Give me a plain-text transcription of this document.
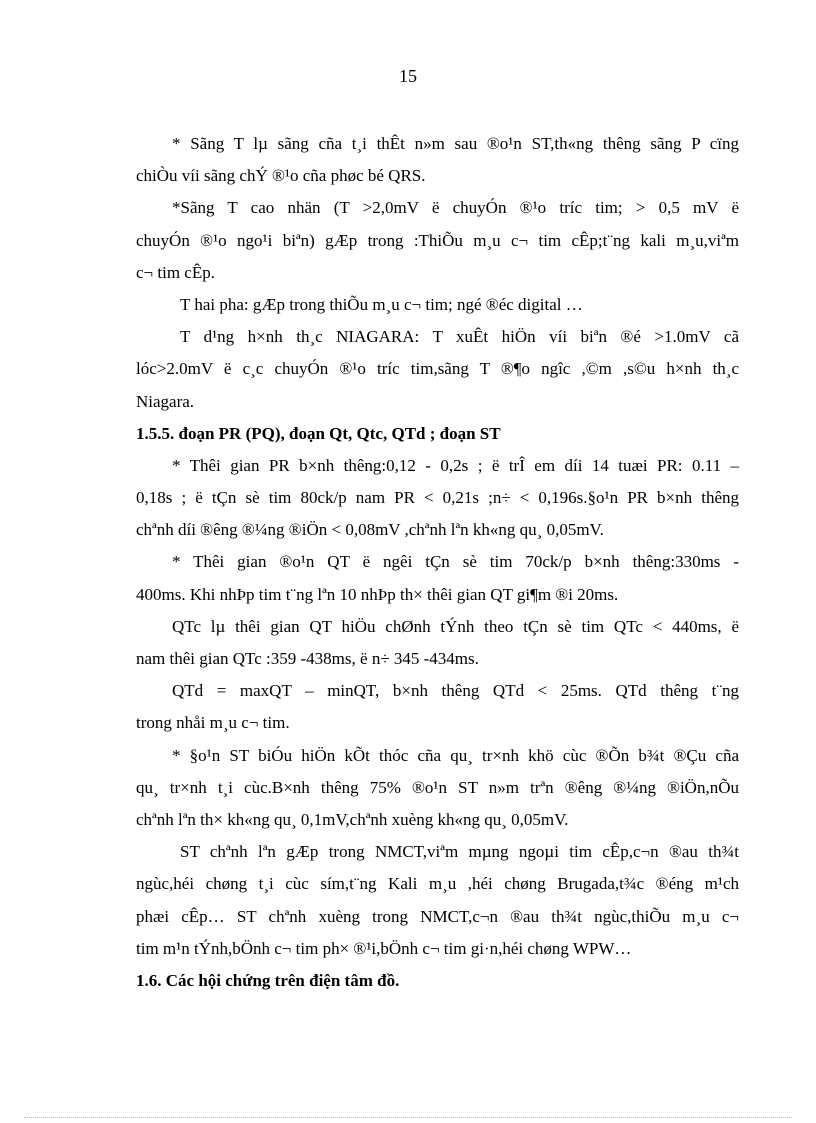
15
* Sãng T lµ sãng cña t¸i thÊt n»m sau ®o¹n ST,th«ng thêng sãng P cïng
chiÒu víi sãng chÝ ®¹o cña phøc bé QRS.
*Sãng T cao nhän (T >2,0mV ë chuyÓn ®¹o tríc tim; > 0,5 mV ë
chuyÓn ®¹o ngo¹i biªn) gÆp trong :ThiÕu m¸u c¬ tim cÊp;t¨ng kali m¸u,viªm
c¬ tim cÊp.
T hai pha: gÆp trong thiÕu m¸u c¬ tim; ngé ®éc digital …
T d¹ng h×nh th¸c NIAGARA: T xuÊt hiÖn víi biªn ®é >1.0mV cã
lóc>2.0mV ë c¸c chuyÓn ®¹o tríc tim,sãng T ®¶o ngîc ,©m ,s©u h×nh th¸c
Niagara.
1.5.5. đoạn PR (PQ), đoạn Qt, Qtc, QTd ; đoạn ST
* Thêi gian PR b×nh thêng:0,12 - 0,2s ; ë trÎ em díi 14 tuæi PR: 0.11 –
0,18s ; ë tÇn sè tim 80ck/p nam PR < 0,21s ;n÷ < 0,196s.§o¹n PR b×nh thêng
chªnh díi ®êng ®¼ng ®iÖn < 0,08mV ,chªnh lªn kh«ng qu¸ 0,05mV.
* Thêi gian ®o¹n QT ë ngêi tÇn sè tim 70ck/p b×nh thêng:330ms -
400ms. Khi nhÞp tim t¨ng lªn 10 nhÞp th× thêi gian QT gi¶m ®i 20ms.
QTc lµ thêi gian QT hiÖu chØnh tÝnh theo tÇn sè tim QTc < 440ms, ë
nam thêi gian QTc :359 -438ms, ë n÷ 345 -434ms.
QTd = maxQT – minQT, b×nh thêng QTd < 25ms. QTd thêng t¨ng
trong nhåi m¸u c¬ tim.
* §o¹n ST biÓu hiÖn kÕt thóc cña qu¸ tr×nh khö cùc ®Õn b¾t ®Çu cña
qu¸ tr×nh t¸i cùc.B×nh thêng 75% ®o¹n ST n»m trªn ®êng ®¼ng ®iÖn,nÕu
chªnh lªn th× kh«ng qu¸ 0,1mV,chªnh xuèng kh«ng qu¸ 0,05mV.
ST chªnh lªn gÆp trong NMCT,viªm mµng ngoµi tim cÊp,c¬n ®au th¾t
ngùc,héi chøng t¸i cùc sím,t¨ng Kali m¸u ,héi chøng Brugada,t¾c ®éng m¹ch
phæi cÊp… ST chªnh xuèng trong NMCT,c¬n ®au th¾t ngùc,thiÕu m¸u c¬
tim m¹n tÝnh,bÖnh c¬ tim ph× ®¹i,bÖnh c¬ tim gi·n,héi chøng WPW…
1.6. Các hội chứng trên điện tâm đồ.
